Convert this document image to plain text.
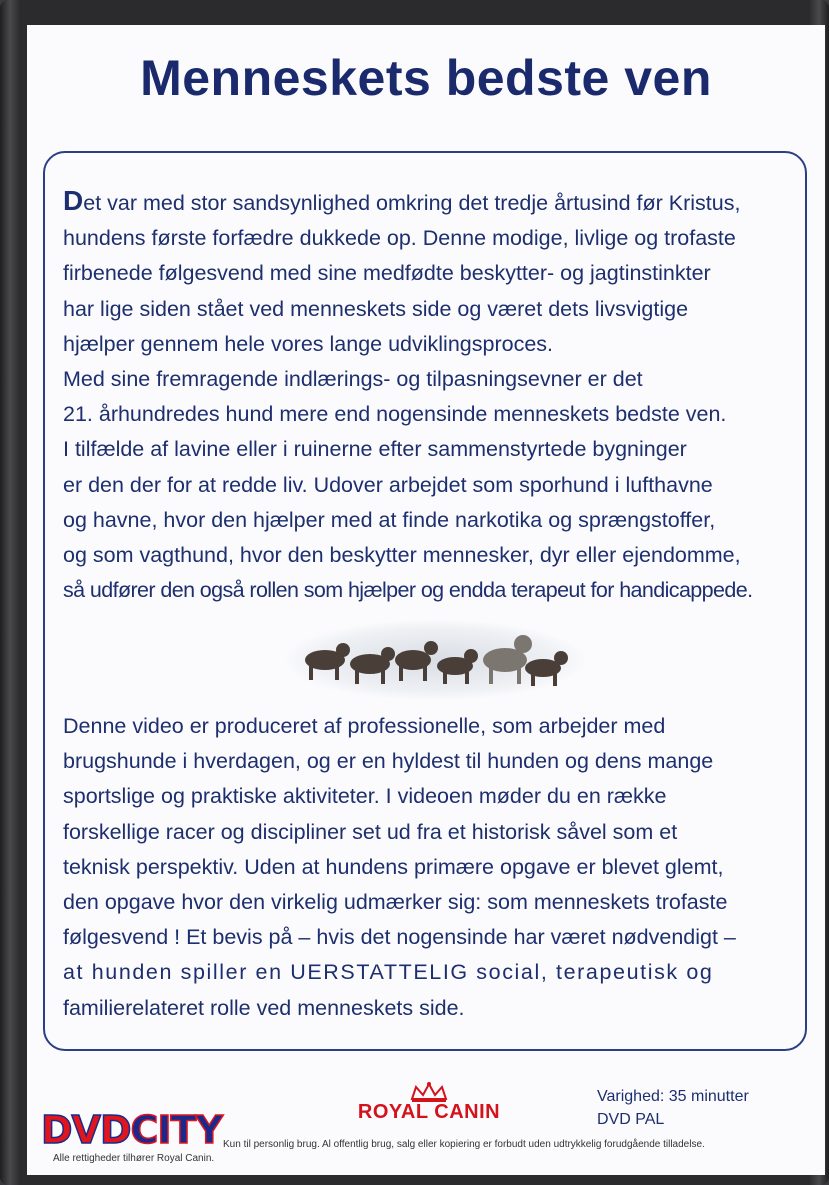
Menneskets bedste ven

Det var med stor sandsynlighed omkring det tredje årtusind før Kristus,
hundens første forfædre dukkede op. Denne modige, livlige og trofaste
firbenede følgesvend med sine medfødte beskytter- og jagtinstinkter
har lige siden stået ved menneskets side og været dets livsvigtige
hjælper gennem hele vores lange udviklingsproces.
Med sine fremragende indlærings- og tilpasningsevner er det
21. århundredes hund mere end nogensinde menneskets bedste ven.
I tilfælde af lavine eller i ruinerne efter sammenstyrtede bygninger
er den der for at redde liv. Udover arbejdet som sporhund i lufthavne
og havne, hvor den hjælper med at finde narkotika og sprængstoffer,
og som vagthund, hvor den beskytter mennesker, dyr eller ejendomme,
så udfører den også rollen som hjælper og endda terapeut for handicappede.

Denne video er produceret af professionelle, som arbejder med
brugshunde i hverdagen, og er en hyldest til hunden og dens mange
sportslige og praktiske aktiviteter. I videoen møder du en række
forskellige racer og discipliner set ud fra et historisk såvel som et
teknisk perspektiv. Uden at hundens primære opgave er blevet glemt,
den opgave hvor den virkelig udmærker sig: som menneskets trofaste
følgesvend ! Et bevis på – hvis det nogensinde har været nødvendigt –
at hunden spiller en UERSTATTELIG social, terapeutisk og
familierelateret rolle ved menneskets side.

ROYAL CANIN
Varighed: 35 minutter
DVD PAL
Kun til personlig brug. Al offentlig brug, salg eller kopiering er forbudt uden udtrykkelig forudgående tilladelse.
Alle rettigheder tilhører Royal Canin.
DVDCITY
